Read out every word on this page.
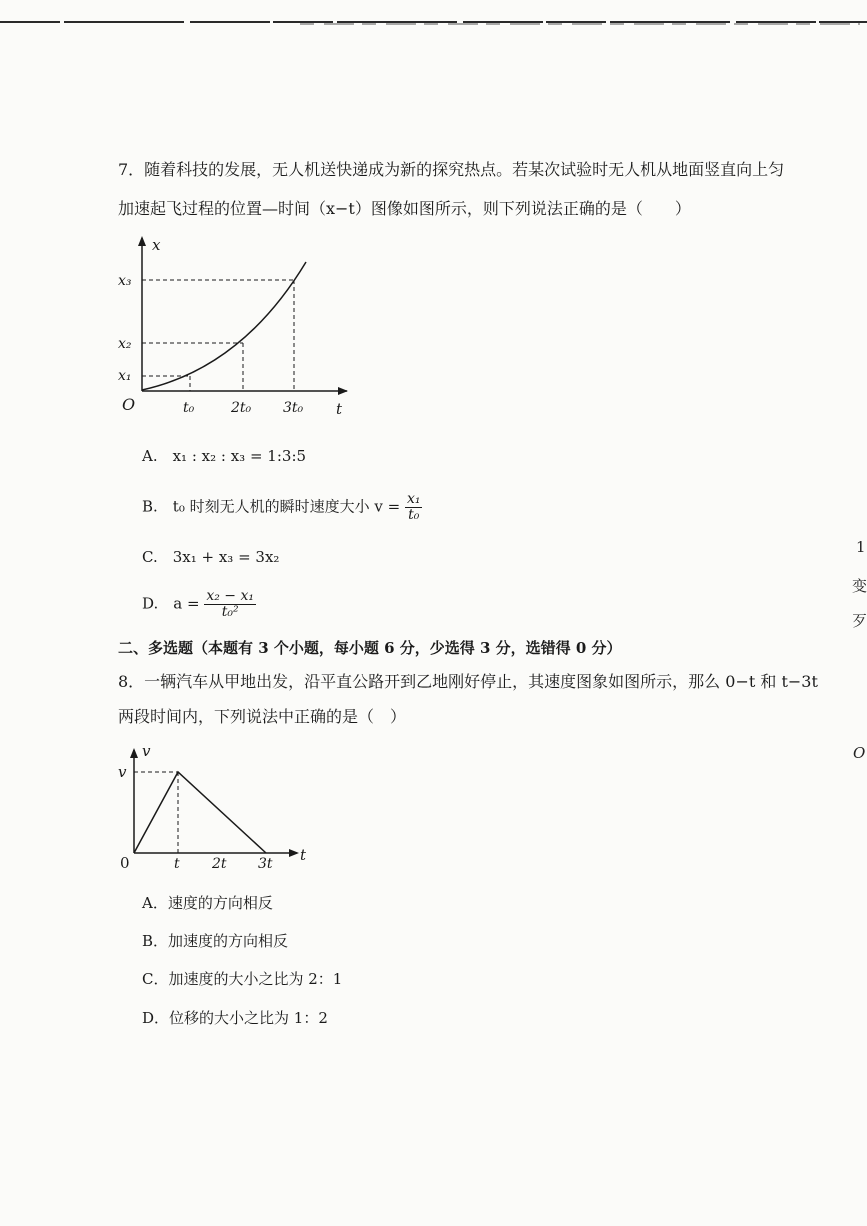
7．随着科技的发展，无人机送快递成为新的探究热点。若某次试验时无人机从地面竖直向上匀
加速起飞过程的位置—时间（x−t）图像如图所示，则下列说法正确的是（　　）
x
t
O
x₃
x₂
x₁
t₀	2t₀ 3t₀
A.　x₁ : x₂ : x₃ = 1:3:5
B.　t₀ 时刻无人机的瞬时速度大小 $v = \frac{\text{x₁}}{\text{t₀}}$
C.　3x₁ + x₃ = 3x₂
D.　$a = \frac{\text{x₂ − x₁}}{\text{t₀²}}$
二、多选题（本题有 3 个小题，每小题 6 分，少选得 3 分，选错得 0 分）
8．一辆汽车从甲地出发，沿平直公路开到乙地刚好停止，其速度图象如图所示，那么 0−t 和 t−3t
两段时间内，下列说法中正确的是（　）
v
v
t
0	t 2t 3t
A．速度的方向相反
B．加速度的方向相反
C．加速度的大小之比为 2：1
D．位移的大小之比为 1：2
1
变
歹
O
